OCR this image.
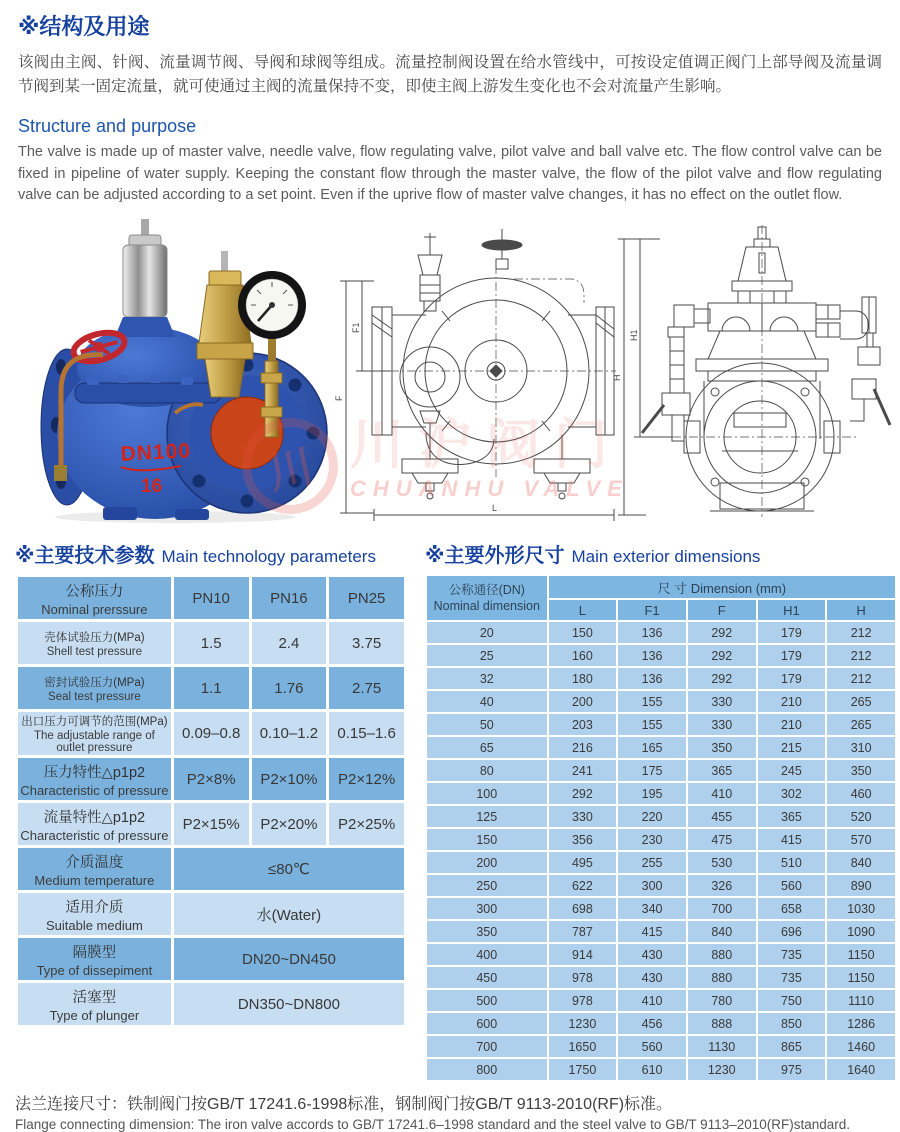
※结构及用途

该阀由主阀、针阀、流量调节阀、导阀和球阀等组成。流量控制阀设置在给水管线中，可按设定值调正阀门上部导阀及流量调节阀到某一固定流量，就可使通过主阀的流量保持不变，即使主阀上游发生变化也不会对流量产生影响。

Structure and purpose

The valve is made up of master valve, needle valve, flow regulating valve, pilot valve and ball valve etc. The flow control valve can be fixed in pipeline of water supply. Keeping the constant flow through the master valve, the flow of the pilot valve and flow regulating valve can be adjusted according to a set point. Even if the uprive flow of master valve changes, it has no effect on the outlet flow.

DN100
16
F
F1
L
H
H1
川 川沪阀门
CHUANHU VALVE
※主要技术参数 Main technology parameters	※主要外形尺寸 Main exterior dimensions
公称压力
Nominal prerssure	PN10	PN16	PN25

壳体试验压力(MPa)
Shell test pressure	1.5	2.4	3.75

密封试验压力(MPa)
Seal test pressure	1.1	1.76	2.75

出口压力可调节的范围(MPa)
The adjustable range of outlet pressure	0.09–0.8	0.10–1.2	0.15–1.6

压力特性△p1p2
Characteristic of pressure	P2×8%	P2×10%	P2×12%

流量特性△p1p2
Characteristic of pressure	P2×15%	P2×20%	P2×25%

介质温度
Medium temperature	≤80℃		

适用介质
Suitable medium	水(Water)		

隔膜型
Type of dissepiment	DN20~DN450		

活塞型
Type of plunger	DN350~DN800		
公称通径(DN)
Nominal dimension	尺 寸 Dimension (mm)				
	L	F1	F	H1	H
20	150	136	292	179	212
25	160	136	292	179	212
32	180	136	292	179	212
40	200	155	330	210	265
50	203	155	330	210	265
65	216	165	350	215	310
80	241	175	365	245	350
100	292	195	410	302	460
125	330	220	455	365	520
150	356	230	475	415	570
200	495	255	530	510	840
250	622	300	326	560	890
300	698	340	700	658	1030
350	787	415	840	696	1090
400	914	430	880	735	1150
450	978	430	880	735	1150
500	978	410	780	750	1110
600	1230	456	888	850	1286
700	1650	560	1130	865	1460
800	1750	610	1230	975	1640
法兰连接尺寸：铁制阀门按GB/T 17241.6-1998标准，钢制阀门按GB/T 9113-2010(RF)标准。
Flange connecting dimension: The iron valve accords to GB/T 17241.6–1998 standard and the steel valve to GB/T 9113–2010(RF)standard.
